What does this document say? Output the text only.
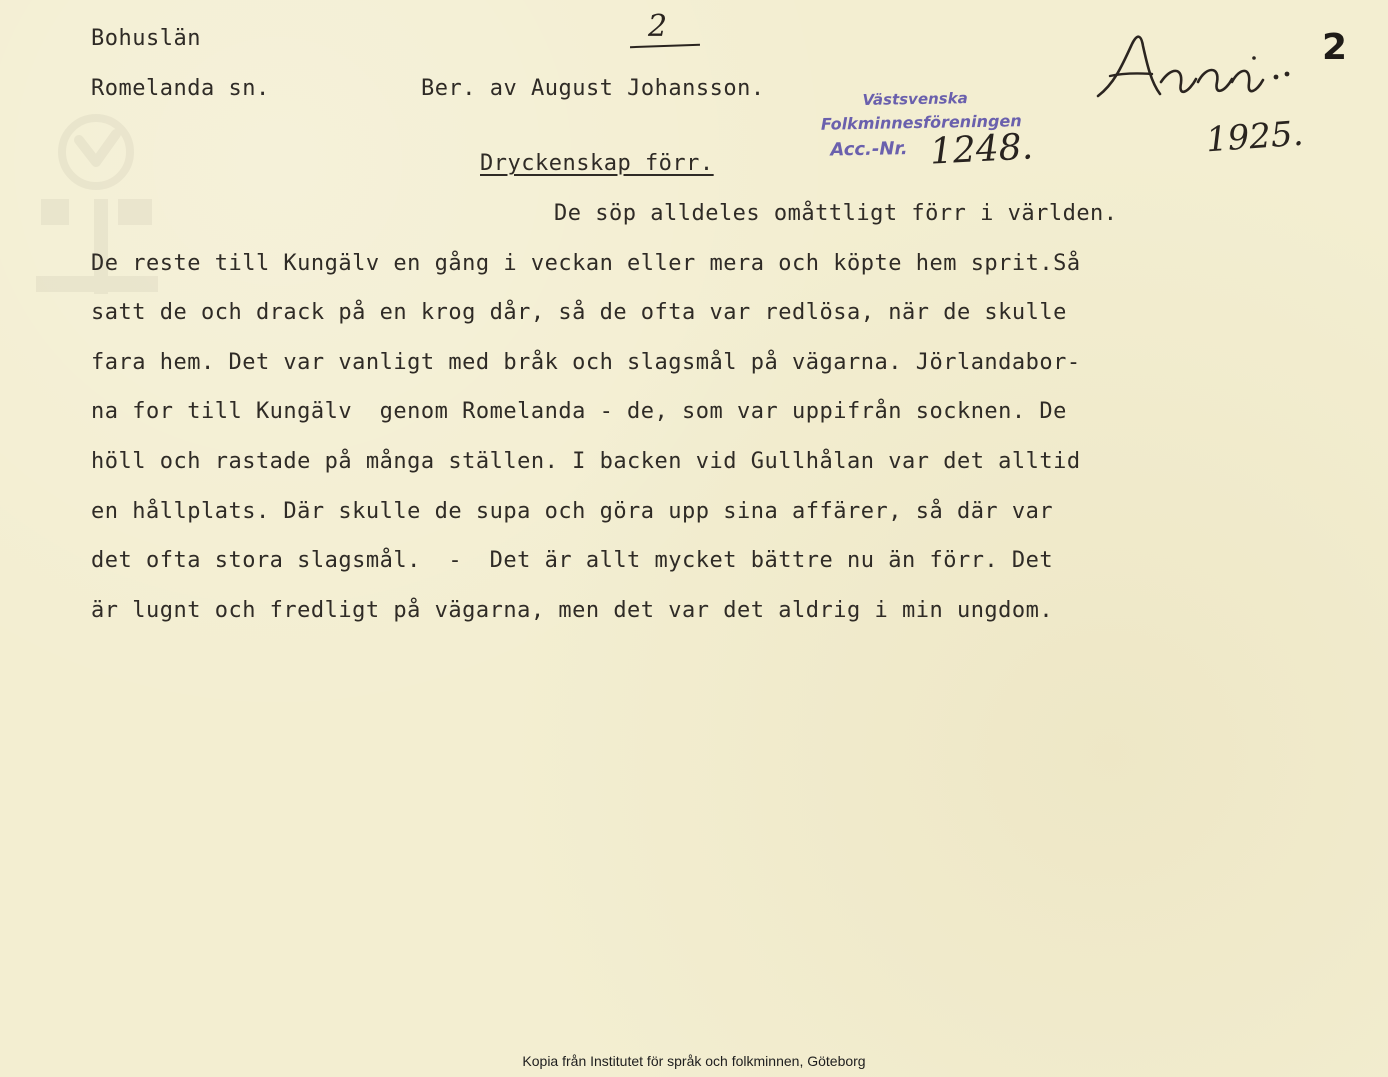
Bohuslän
Romelanda sn.	Ber. av August Johansson.
2
2
Västsvenska
Folkminnesföreningen
Acc.-Nr. 1248.	1925.
Dryckenskap förr.
De söp alldeles omåttligt förr i världen.
De reste till Kungälv en gång i veckan eller mera och köpte hem sprit.Så
satt de och drack på en krog dår, så de ofta var redlösa, när de skulle
fara hem. Det var vanligt med bråk och slagsmål på vägarna. Jörlandabor-
na for till Kungälv  genom Romelanda - de, som var uppifrån socknen. De
höll och rastade på många ställen. I backen vid Gullhålan var det alltid
en hållplats. Där skulle de supa och göra upp sina affärer, så där var
det ofta stora slagsmål.  -  Det är allt mycket bättre nu än förr. Det
är lugnt och fredligt på vägarna, men det var det aldrig i min ungdom.
Kopia från Institutet för språk och folkminnen, Göteborg
